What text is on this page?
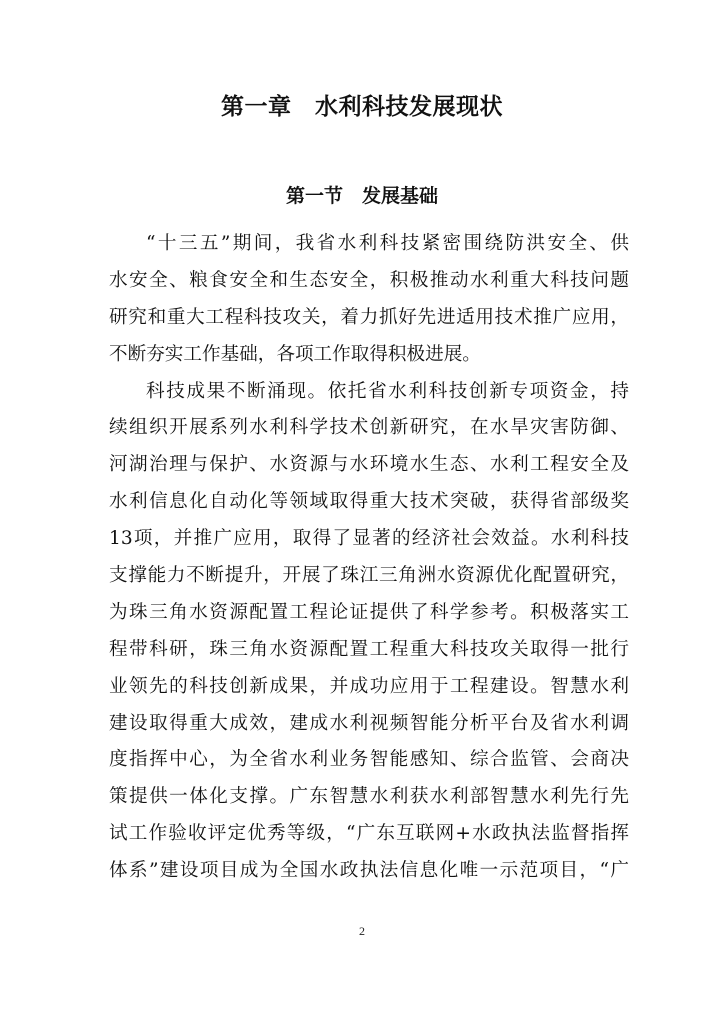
第一章　水利科技发展现状
第一节　发展基础
“十三五”期间，我省水利科技紧密围绕防洪安全、供
水安全、粮食安全和生态安全，积极推动水利重大科技问题
研究和重大工程科技攻关，着力抓好先进适用技术推广应用，
不断夯实工作基础，各项工作取得积极进展。
科技成果不断涌现。依托省水利科技创新专项资金，持
续组织开展系列水利科学技术创新研究，在水旱灾害防御、
河湖治理与保护、水资源与水环境水生态、水利工程安全及
水利信息化自动化等领域取得重大技术突破，获得省部级奖
13项，并推广应用，取得了显著的经济社会效益。水利科技
支撑能力不断提升，开展了珠江三角洲水资源优化配置研究，
为珠三角水资源配置工程论证提供了科学参考。积极落实工
程带科研，珠三角水资源配置工程重大科技攻关取得一批行
业领先的科技创新成果，并成功应用于工程建设。智慧水利
建设取得重大成效，建成水利视频智能分析平台及省水利调
度指挥中心，为全省水利业务智能感知、综合监管、会商决
策提供一体化支撑。广东智慧水利获水利部智慧水利先行先
试工作验收评定优秀等级，“广东互联网+水政执法监督指挥
体系”建设项目成为全国水政执法信息化唯一示范项目，“广
2
